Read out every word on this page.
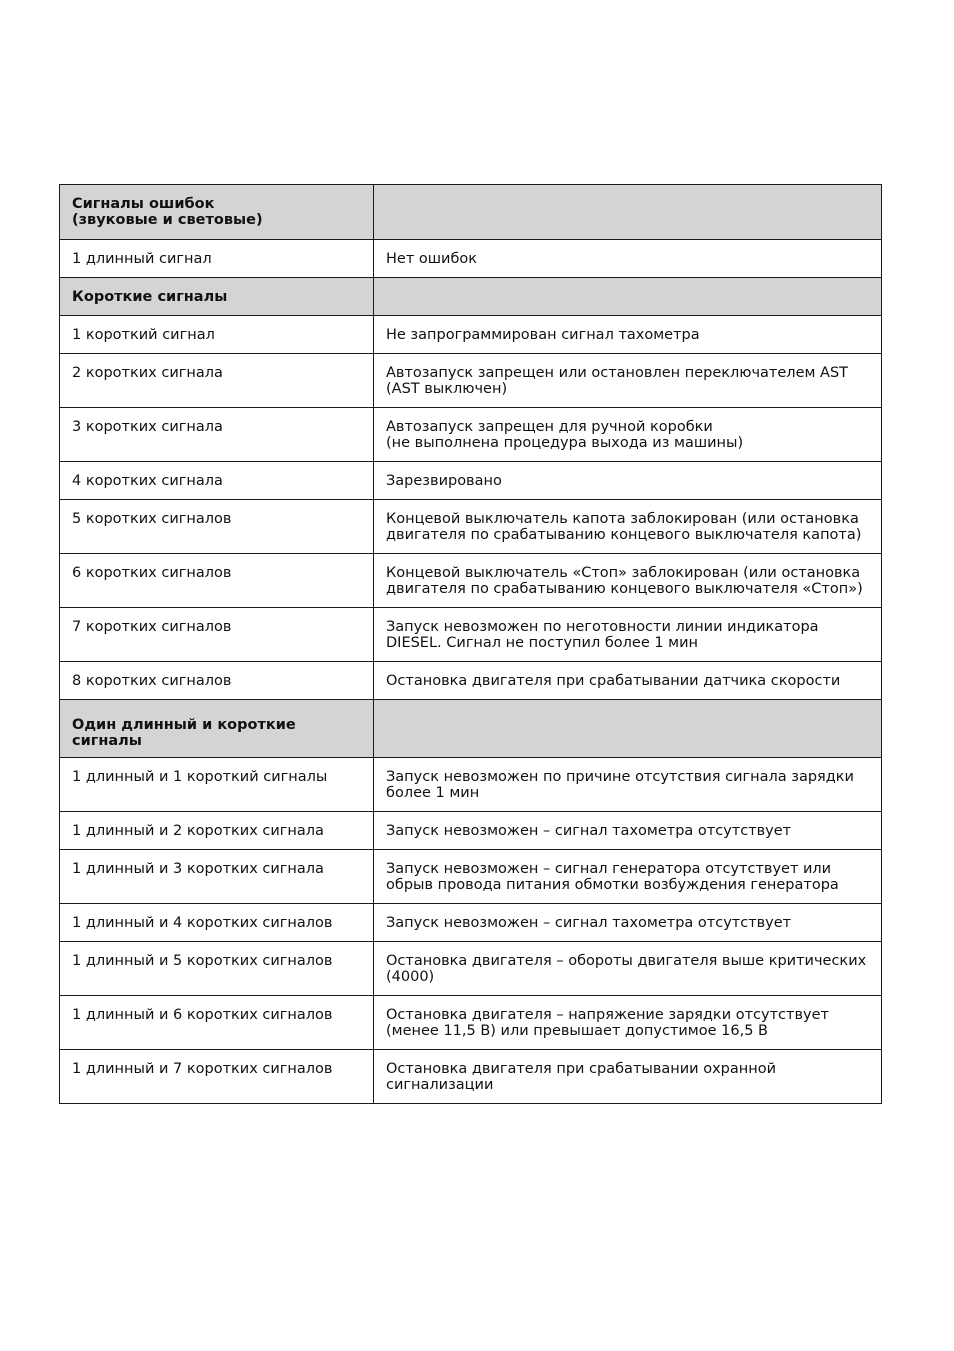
Сигналы ошибок
(звуковые и световые)	
1 длинный сигнал	Нет ошибок
Короткие сигналы	
1 короткий сигнал	Не запрограммирован сигнал тахометра
2 коротких сигнала	Автозапуск запрещен или остановлен переключателем AST
(AST выключен)
3 коротких сигнала	Автозапуск запрещен для ручной коробки
(не выполнена процедура выхода из машины)
4 коротких сигнала	Зарезвировано
5 коротких сигналов	Концевой выключатель капота заблокирован (или остановка
двигателя по срабатыванию концевого выключателя капота)
6 коротких сигналов	Концевой выключатель «Стоп» заблокирован (или остановка
двигателя по срабатыванию концевого выключателя «Стоп»)
7 коротких сигналов	Запуск невозможен по неготовности линии индикатора
DIESEL. Сигнал не поступил более 1 мин
8 коротких сигналов	Остановка двигателя при срабатывании датчика скорости
Один длинный и короткие сигналы	
1 длинный и 1 короткий сигналы	Запуск невозможен по причине отсутствия сигнала зарядки
более 1 мин
1 длинный и 2 коротких сигнала	Запуск невозможен – сигнал тахометра отсутствует
1 длинный и 3 коротких сигнала	Запуск невозможен – сигнал генератора отсутствует или
обрыв провода питания обмотки возбуждения генератора
1 длинный и 4 коротких сигналов	Запуск невозможен – сигнал тахометра отсутствует
1 длинный и 5 коротких сигналов	Остановка двигателя – обороты двигателя выше критических
(4000)
1 длинный и 6 коротких сигналов	Остановка двигателя – напряжение зарядки отсутствует
(менее 11,5 В) или превышает допустимое 16,5 В
1 длинный и 7 коротких сигналов	Остановка двигателя при срабатывании охранной
сигнализации
